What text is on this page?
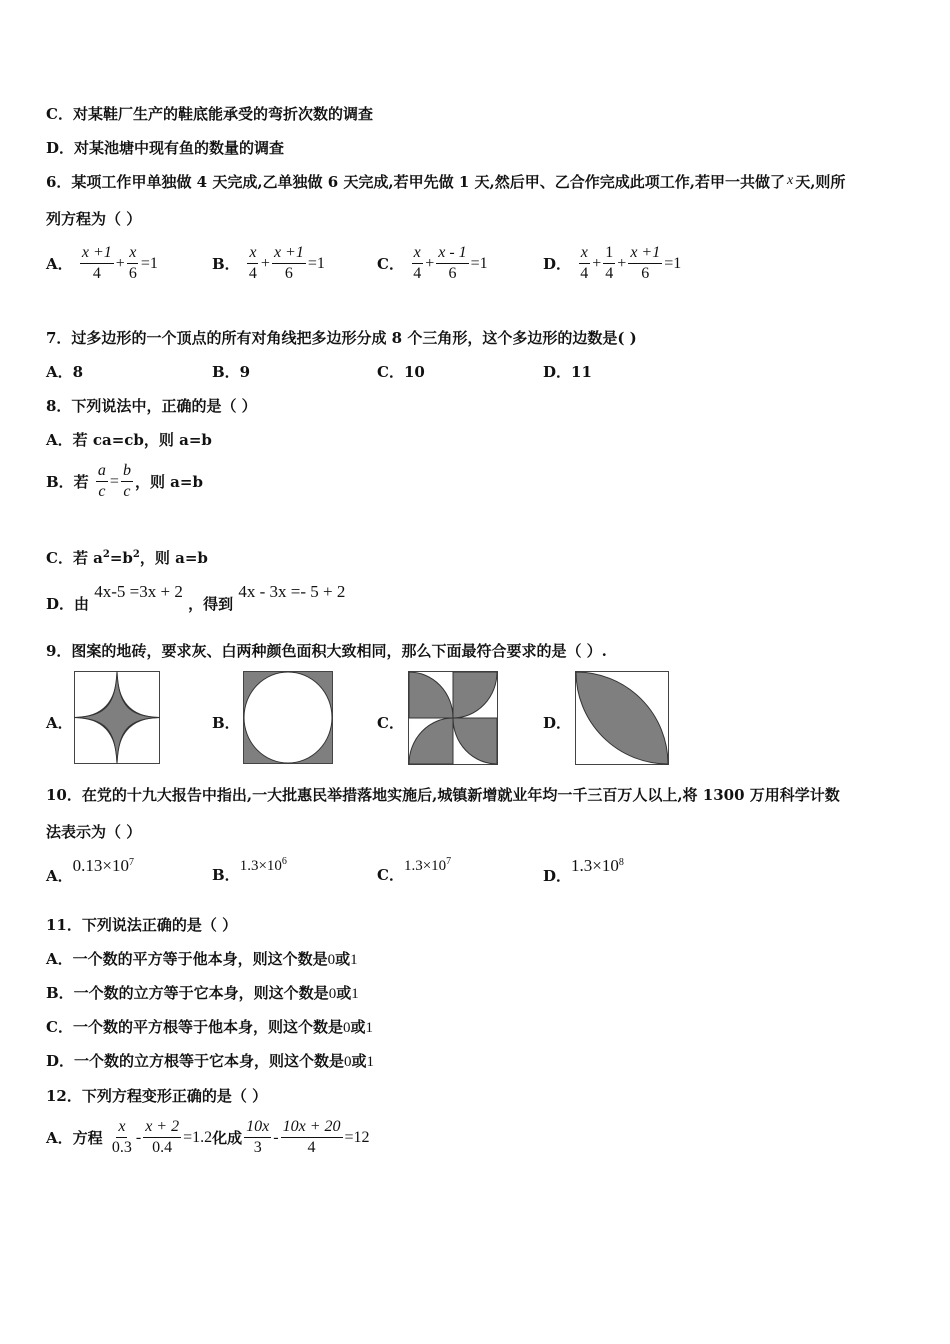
C．对某鞋厂生产的鞋底能承受的弯折次数的调查
D．对某池塘中现有鱼的数量的调查
6．某项工作甲单独做 4 天完成,乙单独做 6 天完成,若甲先做 1 天,然后甲、乙合作完成此项工作,若甲一共做了 x 天,则所
列方程为（ ）
A． $\frac{x +1}{4} + \frac{x}{6} =1$	B． $\frac{x}{4} + \frac{x +1}{6} =1$	C． $\frac{x}{4} + \frac{x - 1}{6} =1$	D． $\frac{x}{4} + \frac{1}{4} + \frac{x +1}{6} =1$
7．过多边形的一个顶点的所有对角线把多边形分成 8 个三角形，这个多边形的边数是( )
A．8	B．9	C．10	D．11
8．下列说法中，正确的是（ ）
A．若 ca=cb，则 a=b
B．若 $\frac{a}{c} = \frac{b}{c}$ ，则 a=b
C．若 $a^2=b^2$，则 a=b
D．由 4x-5 =3x + 2 ，得到 4x - 3x =- 5 + 2
9．图案的地砖，要求灰、白两种颜色面积大致相同，那么下面最符合要求的是（ ）.
A．	B．	C．	D．
10．在党的十九大报告中指出,一大批惠民举措落地实施后,城镇新增就业年均一千三百万人以上,将 1300 万用科学计数
法表示为（ ）
A．$0.13\times 10^7$
B．$1.3\times 10^6$
C．$1.3\times 10^7$
D．$1.3\times 10^8$
11．下列说法正确的是（ ）
A．一个数的平方等于他本身，则这个数是0或1
B．一个数的立方等于它本身，则这个数是0或1
C．一个数的平方根等于他本身，则这个数是0或1
D．一个数的立方根等于它本身，则这个数是0或1
12．下列方程变形正确的是（ ）
A．方程 $\frac{x}{0.3} - \frac{x + 2}{0.4} =1.2$化成 $\frac{10x}{3} - \frac{10x + 20}{4} =12$
